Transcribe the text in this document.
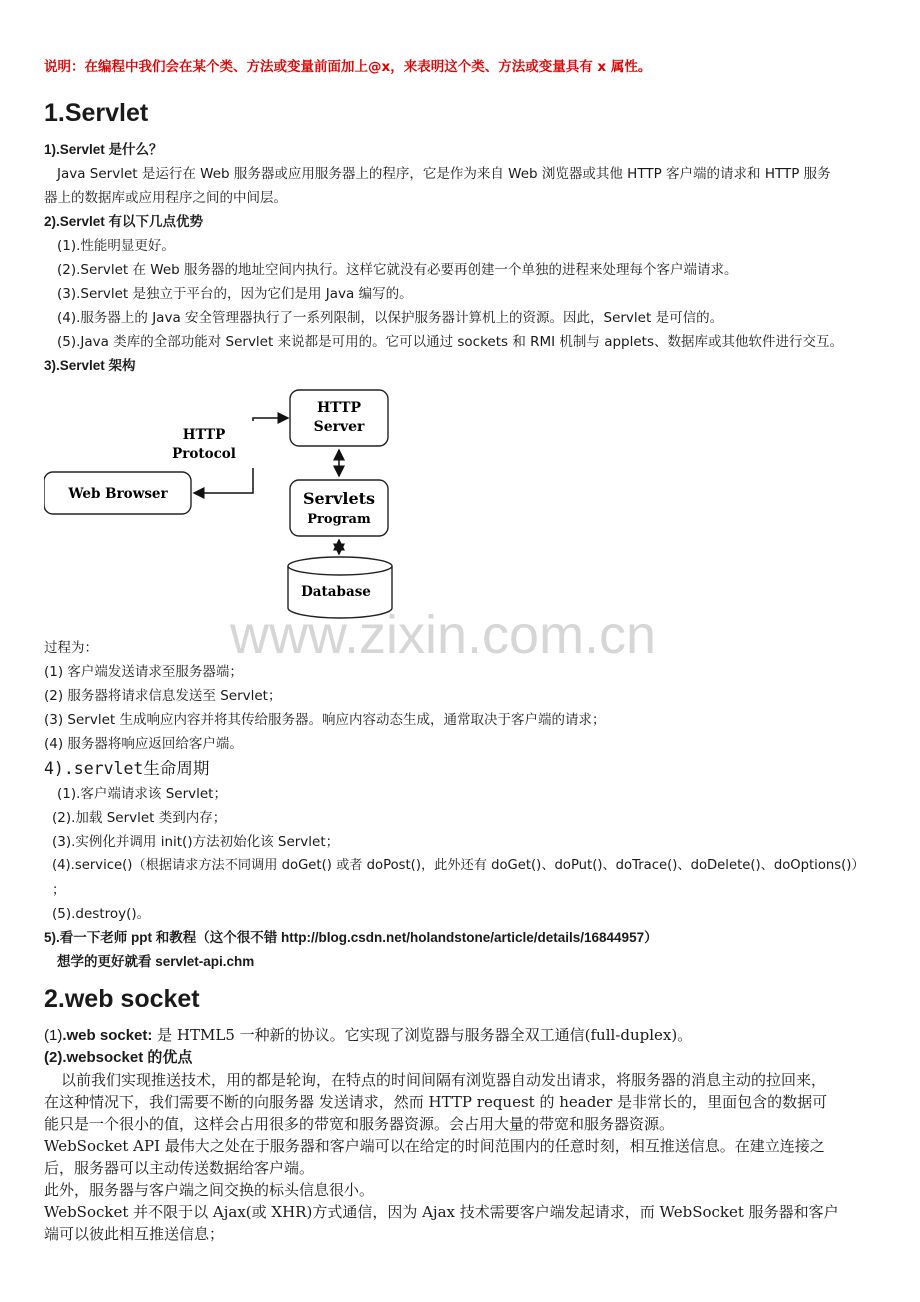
说明：在编程中我们会在某个类、方法或变量前面加上@x，来表明这个类、方法或变量具有 x 属性。

1.Servlet
1).Servlet 是什么？

Java Servlet 是运行在 Web 服务器或应用服务器上的程序，它是作为来自 Web 浏览器或其他 HTTP 客户端的请求和 HTTP 服务

器上的数据库或应用程序之间的中间层。

2).Servlet 有以下几点优势

(1).性能明显更好。

(2).Servlet 在 Web 服务器的地址空间内执行。这样它就没有必要再创建一个单独的进程来处理每个客户端请求。

(3).Servlet 是独立于平台的，因为它们是用 Java 编写的。

(4).服务器上的 Java 安全管理器执行了一系列限制，以保护服务器计算机上的资源。因此，Servlet 是可信的。

(5).Java 类库的全部功能对 Servlet 来说都是可用的。它可以通过 sockets 和 RMI 机制与 applets、数据库或其他软件进行交互。

3).Servlet 架构
HTTP
Server
HTTP
Protocol
Web Browser	Servlets
Program
Database

过程为：

(1) 客户端发送请求至服务器端；

(2) 服务器将请求信息发送至 Servlet；

(3) Servlet 生成响应内容并将其传给服务器。响应内容动态生成，通常取决于客户端的请求；

(4) 服务器将响应返回给客户端。

4).servlet生命周期

(1).客户端请求该 Servlet；

(2).加载 Servlet 类到内存；

(3).实例化并调用 init()方法初始化该 Servlet；

(4).service()（根据请求方法不同调用 doGet() 或者 doPost()，此外还有 doGet()、doPut()、doTrace()、doDelete()、doOptions()）

；

(5).destroy()。

5).看一下老师 ppt 和教程（这个很不错 http://blog.csdn.net/holandstone/article/details/16844957）

想学的更好就看 servlet-api.chm

2.web socket

(1).web socket: 是 HTML5 一种新的协议。它实现了浏览器与服务器全双工通信(full-duplex)。

(2).websocket 的优点

以前我们实现推送技术，用的都是轮询，在特点的时间间隔有浏览器自动发出请求，将服务器的消息主动的拉回来，

在这种情况下，我们需要不断的向服务器 发送请求，然而 HTTP request 的 header 是非常长的，里面包含的数据可

能只是一个很小的值，这样会占用很多的带宽和服务器资源。会占用大量的带宽和服务器资源。

WebSocket API 最伟大之处在于服务器和客户端可以在给定的时间范围内的任意时刻，相互推送信息。在建立连接之

后，服务器可以主动传送数据给客户端。

此外，服务器与客户端之间交换的标头信息很小。

WebSocket 并不限于以 Ajax(或 XHR)方式通信，因为 Ajax 技术需要客户端发起请求，而 WebSocket 服务器和客户

端可以彼此相互推送信息；

www.zixin.com.cn
